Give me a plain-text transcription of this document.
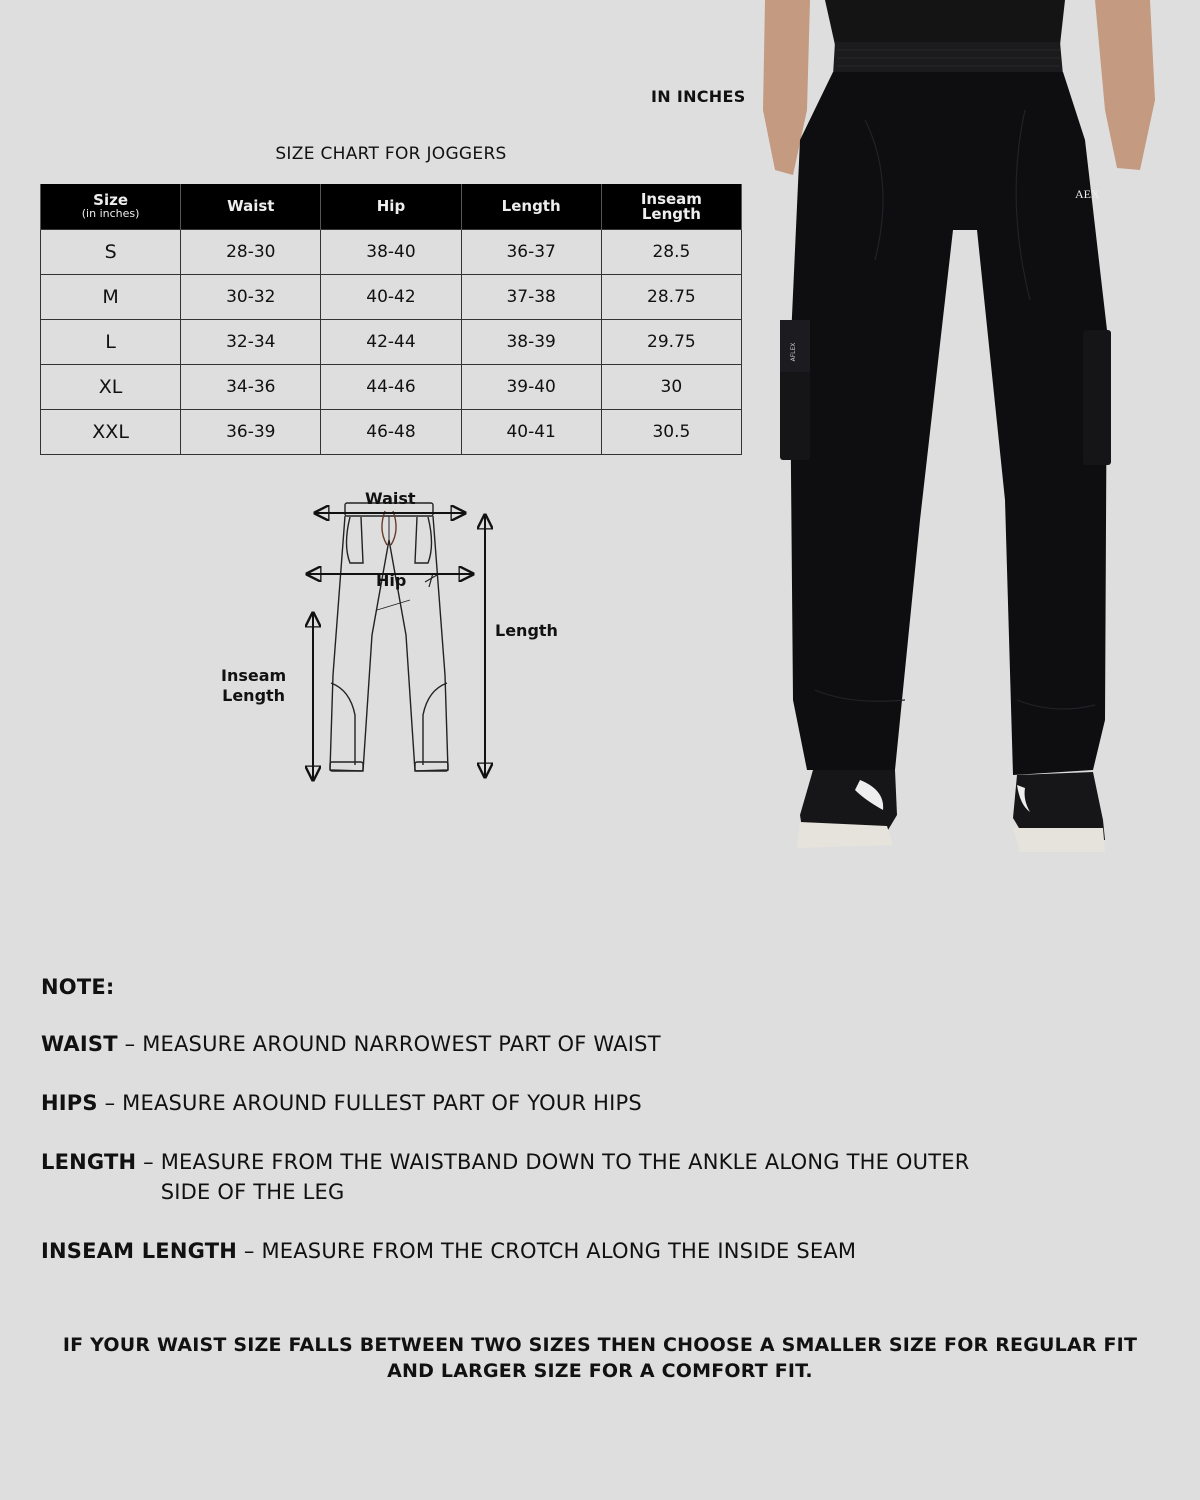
IN INCHES
SIZE CHART FOR JOGGERS
Size
(in inches)	Waist	Hip	Length	Inseam
Length
S	28-30	38-40	36-37	28.5
M	30-32	40-42	37-38	28.75
L	32-34	42-44	38-39	29.75
XL	34-36	44-46	39-40	30
XXL	36-39	46-48	40-41	30.5
Waist
Hip
Length
Inseam
Length
AFLEX
AEX
NOTE:
WAIST – MEASURE AROUND NARROWEST PART OF WAIST
HIPS – MEASURE AROUND FULLEST PART OF YOUR HIPS
LENGTH – MEASURE FROM THE WAISTBAND DOWN TO THE ANKLE ALONG THE OUTER SIDE OF THE LEG
INSEAM LENGTH – MEASURE FROM THE CROTCH ALONG THE INSIDE SEAM
IF YOUR WAIST SIZE FALLS BETWEEN TWO SIZES THEN CHOOSE A SMALLER SIZE FOR REGULAR FIT AND LARGER SIZE FOR A COMFORT FIT.
